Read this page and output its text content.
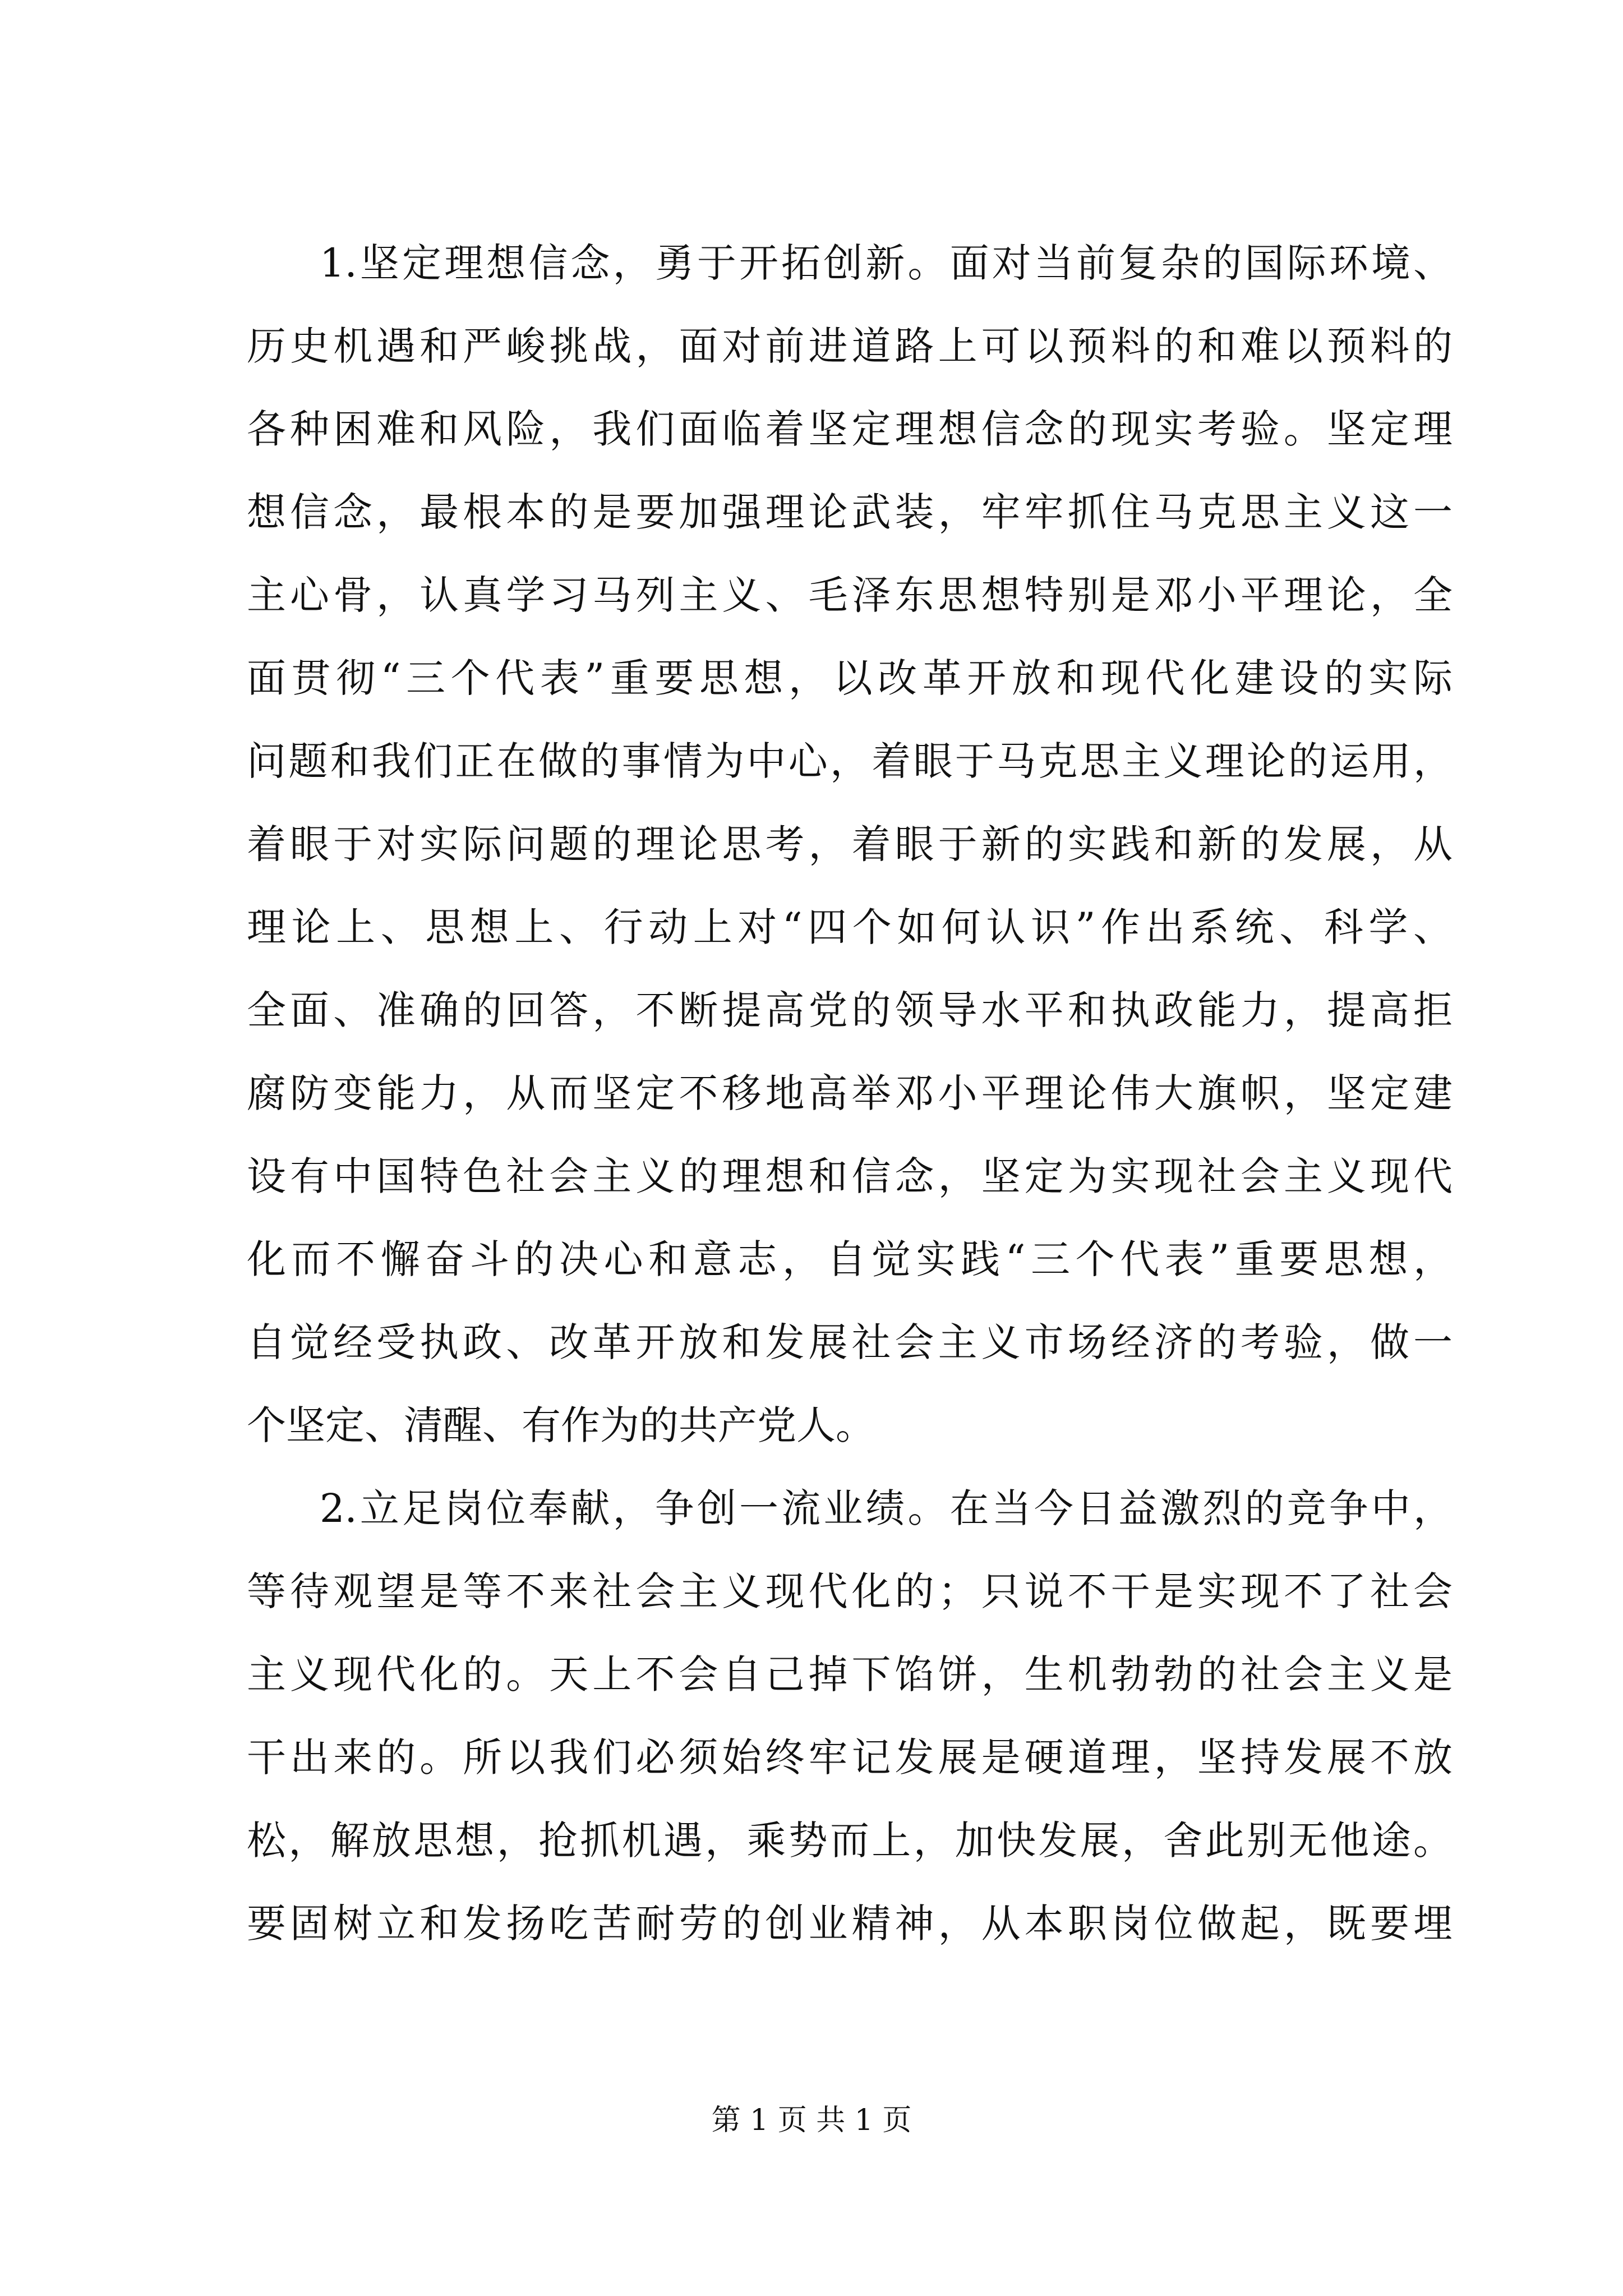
1.坚定理想信念，勇于开拓创新。面对当前复杂的国际环境、
历史机遇和严峻挑战，面对前进道路上可以预料的和难以预料的
各种困难和风险，我们面临着坚定理想信念的现实考验。坚定理
想信念，最根本的是要加强理论武装，牢牢抓住马克思主义这一
主心骨，认真学习马列主义、毛泽东思想特别是邓小平理论，全
面贯彻“三个代表”重要思想，以改革开放和现代化建设的实际
问题和我们正在做的事情为中心，着眼于马克思主义理论的运用，
着眼于对实际问题的理论思考，着眼于新的实践和新的发展，从
理论上、思想上、行动上对“四个如何认识”作出系统、科学、
全面、准确的回答，不断提高党的领导水平和执政能力，提高拒
腐防变能力，从而坚定不移地高举邓小平理论伟大旗帜，坚定建
设有中国特色社会主义的理想和信念，坚定为实现社会主义现代
化而不懈奋斗的决心和意志，自觉实践“三个代表”重要思想，
自觉经受执政、改革开放和发展社会主义市场经济的考验，做一
个坚定、清醒、有作为的共产党人。
2.立足岗位奉献，争创一流业绩。在当今日益激烈的竞争中，
等待观望是等不来社会主义现代化的；只说不干是实现不了社会
主义现代化的。天上不会自己掉下馅饼，生机勃勃的社会主义是
干出来的。所以我们必须始终牢记发展是硬道理，坚持发展不放
松，解放思想，抢抓机遇，乘势而上，加快发展，舍此别无他途。
要固树立和发扬吃苦耐劳的创业精神，从本职岗位做起，既要埋
第 1 页 共 1 页
